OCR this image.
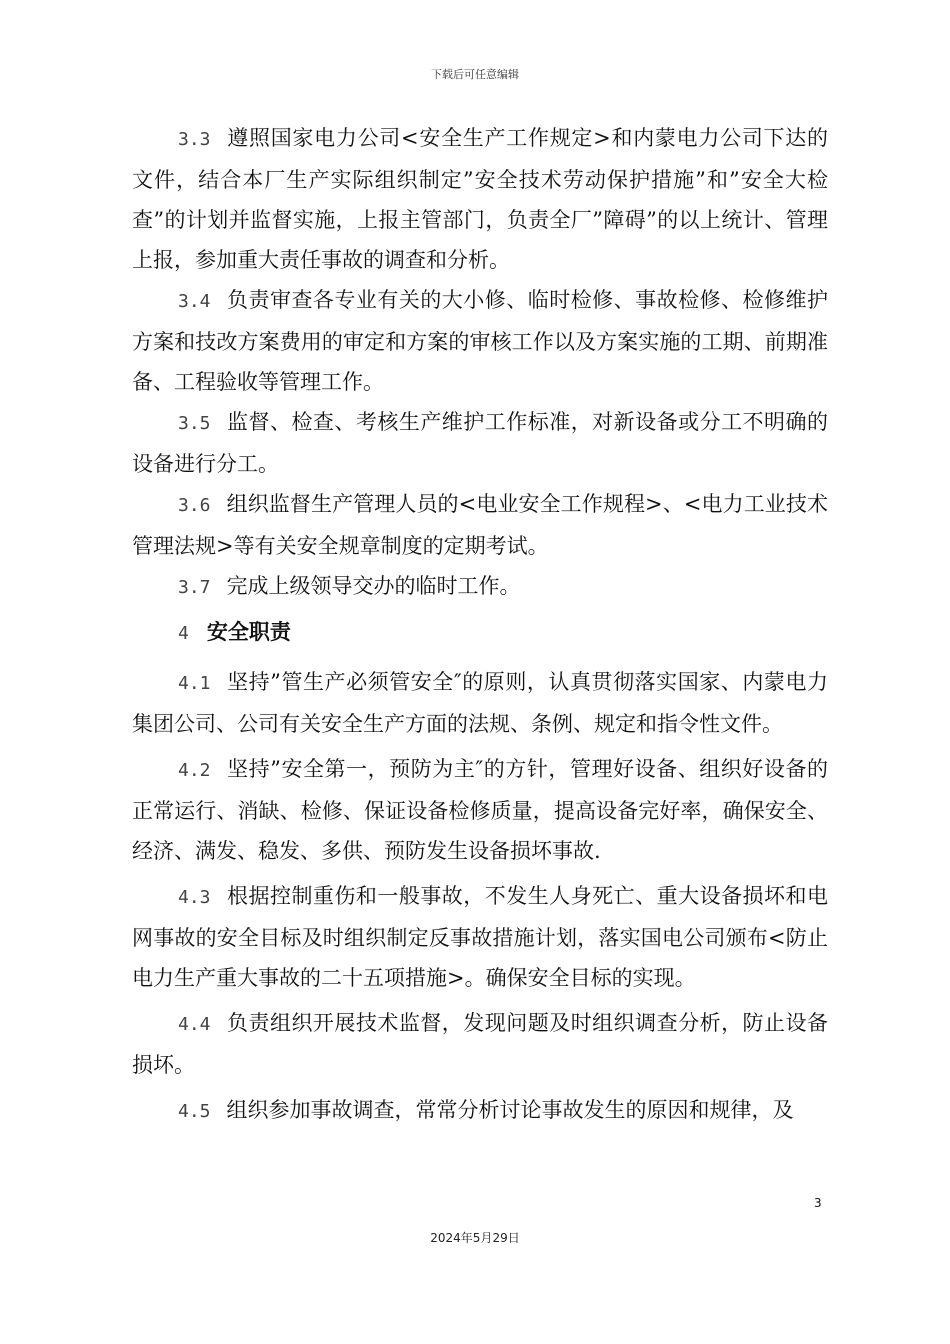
下载后可任意编辑

3.3 遵照国家电力公司<安全生产工作规定>和内蒙电力公司下达的文件，结合本厂生产实际组织制定”安全技术劳动保护措施”和”安全大检查”的计划并监督实施，上报主管部门，负责全厂”障碍”的以上统计、管理上报，参加重大责任事故的调查和分析。

3.4 负责审查各专业有关的大小修、临时检修、事故检修、检修维护方案和技改方案费用的审定和方案的审核工作以及方案实施的工期、前期准备、工程验收等管理工作。

3.5 监督、检查、考核生产维护工作标准，对新设备或分工不明确的设备进行分工。

3.6 组织监督生产管理人员的<电业安全工作规程>、<电力工业技术管理法规>等有关安全规章制度的定期考试。

3.7 完成上级领导交办的临时工作。

4 安全职责

4.1 坚持”管生产必须管安全″的原则，认真贯彻落实国家、内蒙电力集团公司、公司有关安全生产方面的法规、条例、规定和指令性文件。

4.2 坚持”安全第一，预防为主″的方针，管理好设备、组织好设备的正常运行、消缺、检修、保证设备检修质量，提高设备完好率，确保安全、经济、满发、稳发、多供、预防发生设备损坏事故.

4.3 根据控制重伤和一般事故，不发生人身死亡、重大设备损坏和电网事故的安全目标及时组织制定反事故措施计划，落实国电公司颁布<防止电力生产重大事故的二十五项措施>。确保安全目标的实现。

4.4 负责组织开展技术监督，发现问题及时组织调查分析，防止设备损坏。

4.5 组织参加事故调查，常常分析讨论事故发生的原因和规律，及

3
2024年5月29日
